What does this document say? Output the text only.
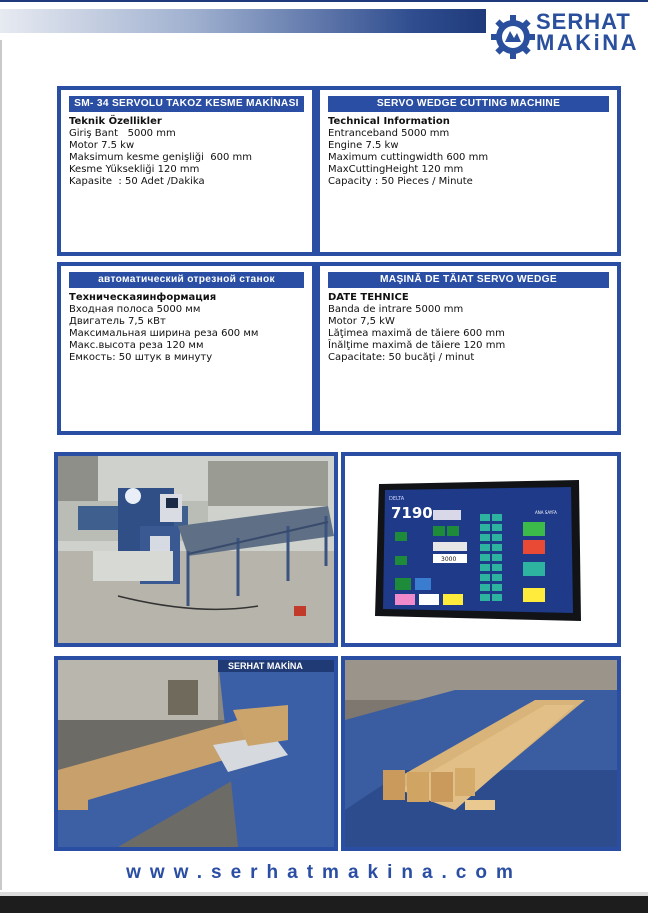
SERHAT
MAKiNA
SM- 34 SERVOLU TAKOZ KESME MAKİNASI
Teknik Özellikler
Giriş Bant   5000 mm
Motor 7.5 kw
Maksimum kesme genişliği  600 mm
Kesme Yüksekliği 120 mm
Kapasite  : 50 Adet /Dakika
SERVO WEDGE CUTTING MACHINE
Technical Information
Entranceband 5000 mm
Engine 7.5 kw
Maximum cuttingwidth 600 mm
MaxCuttingHeight 120 mm
Capacity : 50 Pieces / Minute
автоматический отрезной станок
Техническаяинформация
Входная полоса 5000 мм
Двигатель 7,5 кВт
Максимальная ширина реза 600 мм
Макс.высота реза 120 мм
Емкость: 50 штук в минуту
MAŞINĂ DE TĂIAT SERVO WEDGE
DATE TEHNICE
Banda de intrare 5000 mm
Motor 7,5 kW
Lăţimea maximă de tăiere 600 mm
Înălţime maximă de tăiere 120 mm
Capacitate: 50 bucăţi / minut
DELTA
7190	ANA SAYFA
3000
SERHAT MAKİNA
www.serhatmakina.com
